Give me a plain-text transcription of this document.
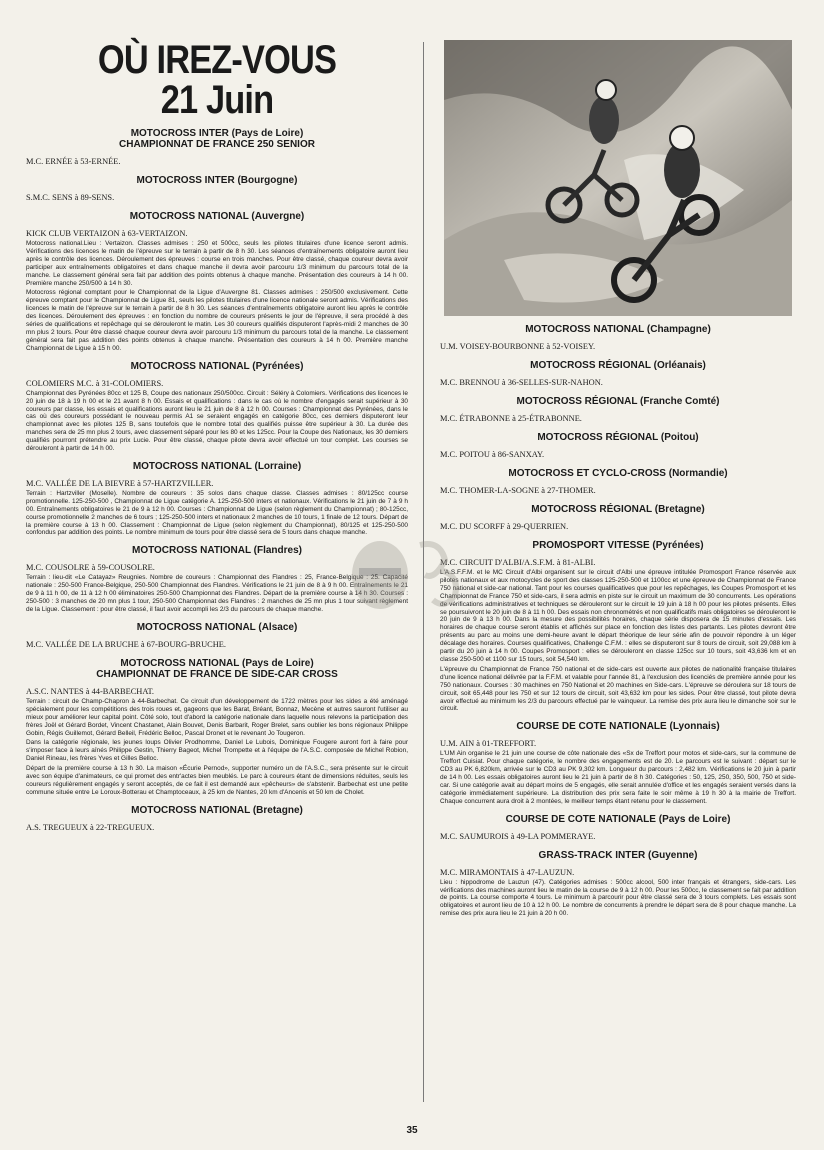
OÙ IREZ-VOUS
21 Juin
MOTOCROSS INTER (Pays de Loire)
CHAMPIONNAT DE FRANCE 250 SENIOR
M.C. ERNÉE à 53-ERNÉE.
MOTOCROSS INTER (Bourgogne)
S.M.C. SENS à 89-SENS.
MOTOCROSS NATIONAL (Auvergne)
KICK CLUB VERTAIZON à 63-VERTAIZON.

Motocross national.Lieu : Vertaizon. Classes admises : 250 et 500cc, seuls les pilotes titulaires d'une licence seront admis. Vérifications des licences le matin de l'épreuve sur le terrain à partir de 8 h 30. Les séances d'entraînements obligatoire auront lieu après le contrôle des licences. Déroulement des épreuves : course en trois manches. Pour être classé, chaque coureur devra avoir participer aux entraînements obligatoires et dans chaque manche il devra avoir parcouru 1/3 minimum du parcours total de la manche. Le classement général sera fait par addition des points obtenus à chaque manche. Présentation des coureurs à 14 h 00. Première manche 250/500 à 14 h 30.

Motocross régional comptant pour le Championnat de la Ligue d'Auvergne 81. Classes admises : 250/500 exclusivement. Cette épreuve comptant pour le Championnat de Ligue 81, seuls les pilotes titulaires d'une licence nationale seront admis. Vérifications des licences le matin de l'épreuve sur le terrain à partir de 8 h 30. Les séances d'entraînements obligatoire auront lieu après le contrôle des licences. Déroulement des épreuves : en fonction du nombre de coureurs présents le jour de l'épreuve, il sera procédé à des séries de qualifications et repêchage qui se dérouleront le matin. Les 30 coureurs qualifiés disputeront l'après-midi 2 manches de 30 mn plus 2 tours. Pour être classé chaque coureur devra avoir parcouru 1/3 minimum du parcours total de la manche. Le classement général sera fait pas addition des points obtenus à chaque manche. Présentation des coureurs à 14 h 00. Première manche Championnat de Ligue à 15 h 00.

MOTOCROSS NATIONAL (Pyrénées)
COLOMIERS M.C. à 31-COLOMIERS.

Championnat des Pyrénées 80cc et 125 B, Coupe des nationaux 250/500cc. Circuit : Séléry à Colomiers. Vérifications des licences le 20 juin de 18 à 19 h 00 et le 21 avant 8 h 00. Essais et qualifications : dans le cas où le nombre d'engagés serait supérieur à 30 coureurs par classe, les essais et qualifications auront lieu le 21 juin de 8 à 12 h 00. Courses : Championnat des Pyrénées, dans le cas où des coureurs possédant le nouveau permis A1 se seraient engagés en catégorie 80cc, ces derniers disputeront leur championnat avec les pilotes 125 B, sans toutefois que le nombre total des qualifiés puisse être supérieur à 30. La durée des manches sera de 25 mn plus 2 tours, avec classement séparé pour les 80 et les 125cc. Pour la Coupe des Nationaux, les 30 derniers qualifiés pourront prétendre au prix Lucie. Pour être classé, chaque pilote devra avoir effectué un tour complet. Les courses se dérouleront à partir de 14 h 00.

MOTOCROSS NATIONAL (Lorraine)
M.C. VALLÉE DE LA BIEVRE à 57-HARTZVILLER.

Terrain : Hartzviller (Moselle). Nombre de coureurs : 35 solos dans chaque classe. Classes admises : 80/125cc course promotionnelle. 125-250-500 , Championnat de Ligue catégorie A. 125-250-500 inters et nationaux. Vérifications le 21 juin de 7 à 9 h 00. Entraînements obligatoires le 21 de 9 à 12 h 00. Courses : Championnat de Ligue (selon règlement du Championnat) ; 80-125cc, course promotionnelle 2 manches de 6 tours ; 125-250-500 inters et nationaux 2 manches de 10 tours, 1 finale de 12 tours. Départ de la première course à 13 h 00. Classement : Championnat de Ligue (selon règlement du Championnat), 80/125 et 125-250-500 confondus par addition des points. Le nombre minimum de tours pour être classé sera de 5 tours dans chaque manche.

MOTOCROSS NATIONAL (Flandres)
M.C. COUSOLRE à 59-COUSOLRE.

Terrain : lieu-dit «Le Catayaz» Reugnies. Nombre de coureurs : Championnat des Flandres : 25, France-Belgique : 25. Capacité nationale : 250-500 France-Belgique, 250-500 Championnat des Flandres. Vérifications le 21 juin de 8 à 9 h 00. Entraînements le 21 de 9 à 11 h 00, de 11 à 12 h 00 éliminatoires 250-500 Championnat des Flandres. Départ de la première course à 14 h 30. Courses : 250-500 : 3 manches de 20 mn plus 1 tour, 250-500 Championnat des Flandres : 2 manches de 25 mn plus 1 tour suivant règlement de la Ligue. Classement : pour être classé, il faut avoir accompli les 2/3 du parcours de chaque manche.

MOTOCROSS NATIONAL (Alsace)
M.C. VALLÉE DE LA BRUCHE à 67-BOURG-BRUCHE.
MOTOCROSS NATIONAL (Pays de Loire)
CHAMPIONNAT DE FRANCE DE SIDE-CAR CROSS
A.S.C. NANTES à 44-BARBECHAT.

Terrain : circuit de Champ-Chapron à 44-Barbechat. Ce circuit d'un développement de 1722 mètres pour les sides a été aménagé spécialement pour les compétitions des trois roues et, gageons que les Barat, Bréant, Bonnaz, Mecène et autres sauront l'utiliser au mieux pour améliorer leur capital point. Côté solo, tout d'abord la catégorie nationale dans laquelle nous relevons la participation des frères Joël et Gérard Bordet, Vincent Chastanet, Alain Bouvet, Denis Barbarit, Roger Brelet, sans oublier les bons régionaux Philippe Gobin, Régis Guillemot, Gérard Belleil, Frédéric Belloc, Pascal Dronet et le revenant Jo Tougeron.

Dans la catégorie régionale, les jeunes loups Olivier Prodhomme, Daniel Le Lubois, Dominique Fougere auront fort à faire pour s'imposer face à leurs aînés Philippe Gestin, Thierry Bageot, Michel Trompette et à l'équipe de l'A.S.C. composée de Michel Robion, Daniel Rineau, les frères Yves et Gilles Belloc.

Départ de la première course à 13 h 30. La maison «Écurie Pernod», supporter numéro un de l'A.S.C., sera présente sur le circuit avec son équipe d'animateurs, ce qui promet des entr'actes bien meublés. Le parc à coureurs étant de dimensions réduites, seuls les coureurs régulièrement engagés y seront acceptés, de ce fait il est demandé aux «pêcheurs» de s'abstenir. Barbechat est une petite commune située entre Le Loroux-Botterau et Champtoceaux, à 25 km de Nantes, 20 km d'Ancenis et 50 km de Cholet.

MOTOCROSS NATIONAL (Bretagne)
A.S. TREGUEUX à 22-TREGUEUX.
MOTOCROSS NATIONAL (Champagne)
U.M. VOISEY-BOURBONNE à 52-VOISEY.
MOTOCROSS RÉGIONAL (Orléanais)
M.C. BRENNOU à 36-SELLES-SUR-NAHON.
MOTOCROSS RÉGIONAL (Franche Comté)
M.C. ÉTRABONNE à 25-ÉTRABONNE.
MOTOCROSS RÉGIONAL (Poitou)
M.C. POITOU à 86-SANXAY.
MOTOCROSS ET CYCLO-CROSS (Normandie)
M.C. THOMER-LA-SOGNE à 27-THOMER.
MOTOCROSS RÉGIONAL (Bretagne)
M.C. DU SCORFF à 29-QUERRIEN.
PROMOSPORT VITESSE (Pyrénées)
M.C. CIRCUIT D'ALBI/A.S.F.M. à 81-ALBI.

L'A.S.F.F.M. et le MC Circuit d'Albi organisent sur le circuit d'Albi une épreuve intitulée Promosport France réservée aux pilotes nationaux et aux motocycles de sport des classes 125-250-500 et 1100cc et une épreuve de Championnat de France 750 national et side-car national. Tant pour les courses qualificatives que pour les repêchages, les Coupes Promosport et les Championnat de France 750 et side-cars, il sera admis en piste sur le circuit un maximum de 30 concurrents. Les opérations de vérifications administratives et techniques se dérouleront sur le circuit le 19 juin à 18 h 00 pour les pilotes présents. Elles se poursuivront le 20 juin de 8 à 11 h 00. Des essais non chronométrés et non qualificatifs mais obligatoires se dérouleront le 20 juin de 9 à 13 h 00. Dans la mesure des possibilités horaires, chaque série disposera de 15 minutes d'essais. Les horaires de chaque course seront établis et affichés sur place en fonction des listes des partants. Les pilotes devront être présents au parc au moins une demi-heure avant le départ théorique de leur série afin de pouvoir répondre à un léger décalage des horaires. Courses qualificatives, Challenge C.F.M. : elles se disputeront sur 8 tours de circuit, soit 29,088 km à partir du 20 juin à 14 h 00. Coupes Promosport : elles se dérouleront en classe 125cc sur 10 tours, soit 43,636 km et en classe 250-500 et 1100 sur 15 tours, soit 54,540 km.

L'épreuve du Championnat de France 750 national et de side-cars est ouverte aux pilotes de nationalité française titulaires d'une licence national délivrée par la F.F.M. et valable pour l'année 81, à l'exclusion des licenciés de première année pour les 750 nationaux. Courses : 30 machines en 750 National et 20 machines en Side-cars. L'épreuve se déroulera sur 18 tours de circuit, soit 65,448 pour les 750 et sur 12 tours de circuit, soit 43,632 km pour les sides. Pour être classé, tout pilote devra avoir effectué au minimum les 2/3 du parcours effectué par le vainqueur. La remise des prix aura lieu le dimanche soir sur le circuit.

COURSE DE COTE NATIONALE (Lyonnais)
U.M. AIN à 01-TREFFORT.

L'UM Ain organise le 21 juin une course de côte nationale des «Sx de Treffort pour motos et side-cars, sur la commune de Treffort Cuisiat. Pour chaque catégorie, le nombre des engagements est de 20. Le parcours est le suivant : départ sur le CD3 au PK 6,820km, arrivée sur le CD3 au PK 9,302 km. Longueur du parcours : 2,482 km. Vérifications le 20 juin à partir de 14 h 00. Les essais obligatoires auront lieu le 21 juin à partir de 8 h 30. Catégories : 50, 125, 250, 350, 500, 750 et side-car. Si une catégorie avait au départ moins de 5 engagés, elle serait annulée d'office et les engagés seraient versés dans la catégorie immédiatement supérieure. La distribution des prix sera faite le soir même à 19 h 30 à la mairie de Treffort. Chaque concurrent aura droit à 2 montées, le meilleur temps étant retenu pour le classement.

COURSE DE COTE NATIONALE (Pays de Loire)
M.C. SAUMUROIS à 49-LA POMMERAYE.
GRASS-TRACK INTER (Guyenne)
M.C. MIRAMONTAIS à 47-LAUZUN.

Lieu : hippodrome de Lauzun (47). Catégories admises : 500cc alcool, 500 inter français et étrangers, side-cars. Les vérifications des machines auront lieu le matin de la course de 9 à 12 h 00. Pour les 500cc, le classement se fait par addition de points. La course comporte 4 tours. Le minimum à parcourir pour être classé sera de 3 tours complets. Les essais sont obligatoires et auront lieu de 10 à 12 h 00. Le nombre de concurrents à prendre le départ sera de 8 pour chaque manche. La remise des prix aura lieu le 21 juin à 20 h 00.

35
